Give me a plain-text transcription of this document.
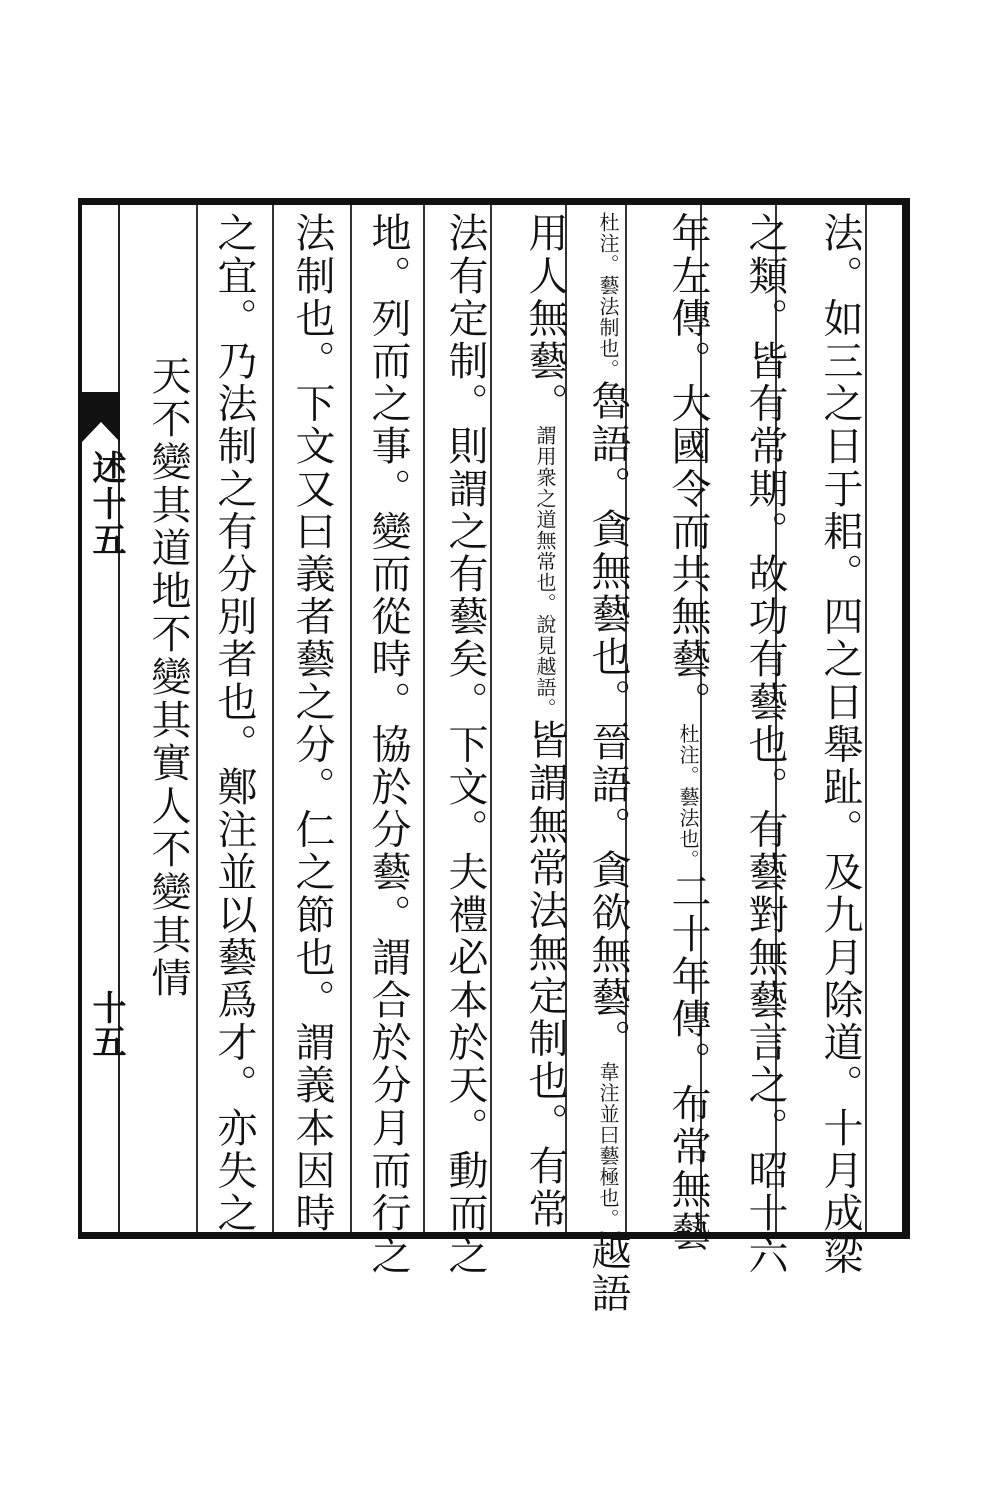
述十五
十五	法。如三之日于耜。四之日舉趾。及九月除道。十月成梁
之類。皆有常期。故功有藝也。有藝對無藝言之。昭十六
年左傳。大國令而共無藝。杜注。藝法也。二十年傳。布常無藝
杜注。藝法制也。魯語。貪無藝也。晉語。貪欲無藝。韋注並曰藝極也。越語
用人無藝。謂用衆之道無常也。說見越語。皆謂無常法無定制也。有常
法有定制。則謂之有藝矣。下文。夫禮必本於天。動而之
地。列而之事。變而從時。協於分藝。謂合於分月而行之
法制也。下文又曰義者藝之分。仁之節也。謂義本因時
之宜。乃法制之有分別者也。鄭注並以藝爲才。亦失之
天不變其道地不變其實人不變其情
